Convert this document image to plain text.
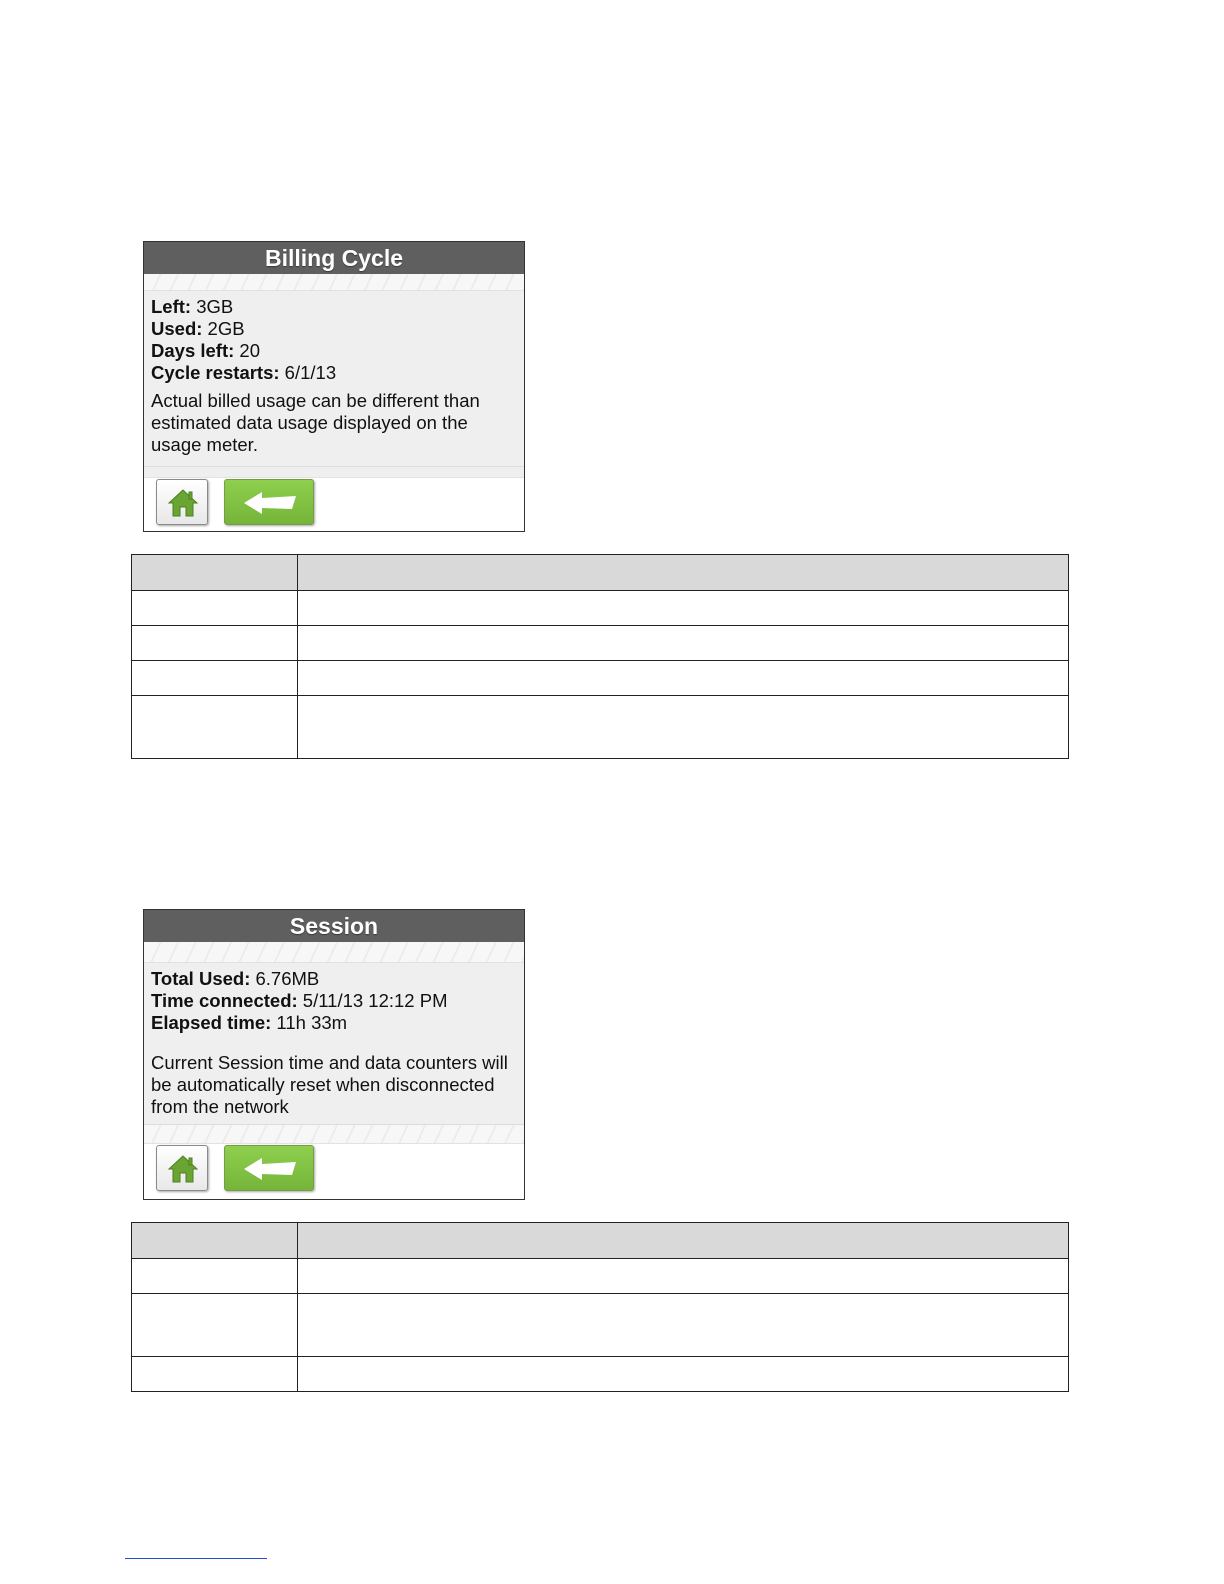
Billing Cycle
Left: 3GB
Used: 2GB
Days left: 20
Cycle restarts: 6/1/13
Actual billed usage can be different than estimated data usage displayed on the usage meter.

Session
Total Used: 6.76MB
Time connected: 5/11/13 12:12 PM
Elapsed time: 11h 33m
Current Session time and data counters will be automatically reset when disconnected from the network
